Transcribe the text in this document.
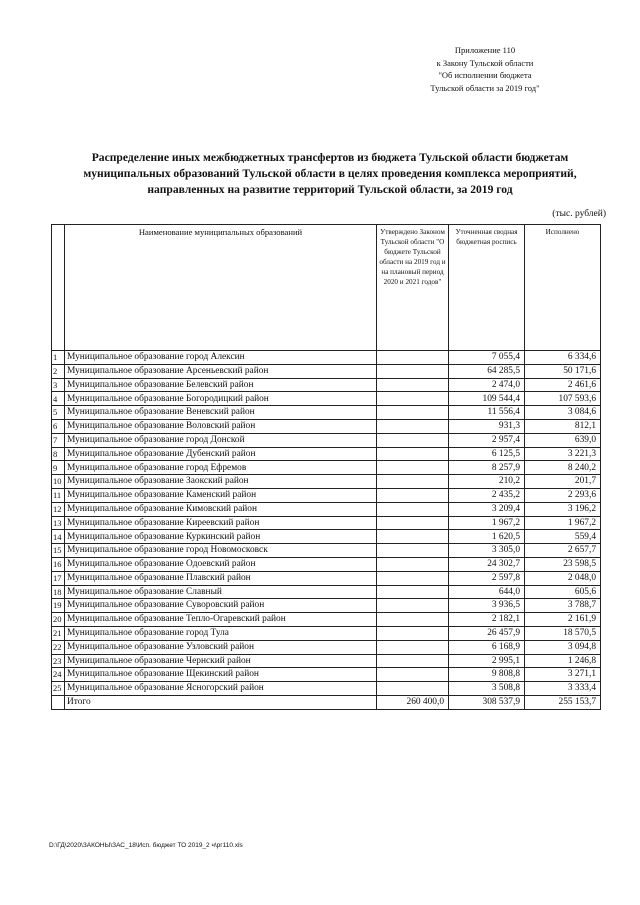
Приложение 110
к Закону Тульской области
"Об исполнении бюджета
Тульской области за 2019 год"
Распределение иных межбюджетных трансфертов из бюджета Тульской области бюджетам
муниципальных образований Тульской области в целях проведения комплекса мероприятий,
направленных на развитие территорий Тульской области, за 2019 год
(тыс. рублей)
	Наименование муниципальных образований	Утверждено Законом Тульской области "О бюджете Тульской области на 2019 год и на плановый период 2020 и 2021 годов"	Уточненная сводная бюджетная роспись	Исполнено
1	Муниципальное образование город Алексин		7 055,4	6 334,6
2	Муниципальное образование Арсеньевский район		64 285,5	50 171,6
3	Муниципальное образование Белевский район		2 474,0	2 461,6
4	Муниципальное образование Богородицкий район		109 544,4	107 593,6
5	Муниципальное образование Веневский район		11 556,4	3 084,6
6	Муниципальное образование Воловский район		931,3	812,1
7	Муниципальное образование город Донской		2 957,4	639,0
8	Муниципальное образование Дубенский район		6 125,5	3 221,3
9	Муниципальное образование город Ефремов		8 257,9	8 240,2
10	Муниципальное образование Заокский район		210,2	201,7
11	Муниципальное образование Каменский район		2 435,2	2 293,6
12	Муниципальное образование Кимовский район		3 209,4	3 196,2
13	Муниципальное образование Киреевский район		1 967,2	1 967,2
14	Муниципальное образование Куркинский район		1 620,5	559,4
15	Муниципальное образование город Новомосковск		3 305,0	2 657,7
16	Муниципальное образование Одоевский район		24 302,7	23 598,5
17	Муниципальное образование Плавский район		2 597,8	2 048,0
18	Муниципальное образование Славный		644,0	605,6
19	Муниципальное образование Суворовский район		3 936,5	3 788,7
20	Муниципальное образование Тепло-Огаревский район		2 182,1	2 161,9
21	Муниципальное образование город Тула		26 457,9	18 570,5
22	Муниципальное образование Узловский район		6 168,9	3 094,8
23	Муниципальное образование Чернский район		2 995,1	1 246,8
24	Муниципальное образование Щекинский район		9 808,8	3 271,1
25	Муниципальное образование Ясногорский район		3 508,8	3 333,4
	Итого	260 400,0	308 537,9	255 153,7
D:\ГД\2020\ЗАКОНЫ\ЗАС_18\Исп. бюджет ТО 2019_2 ч\рг110.xls
